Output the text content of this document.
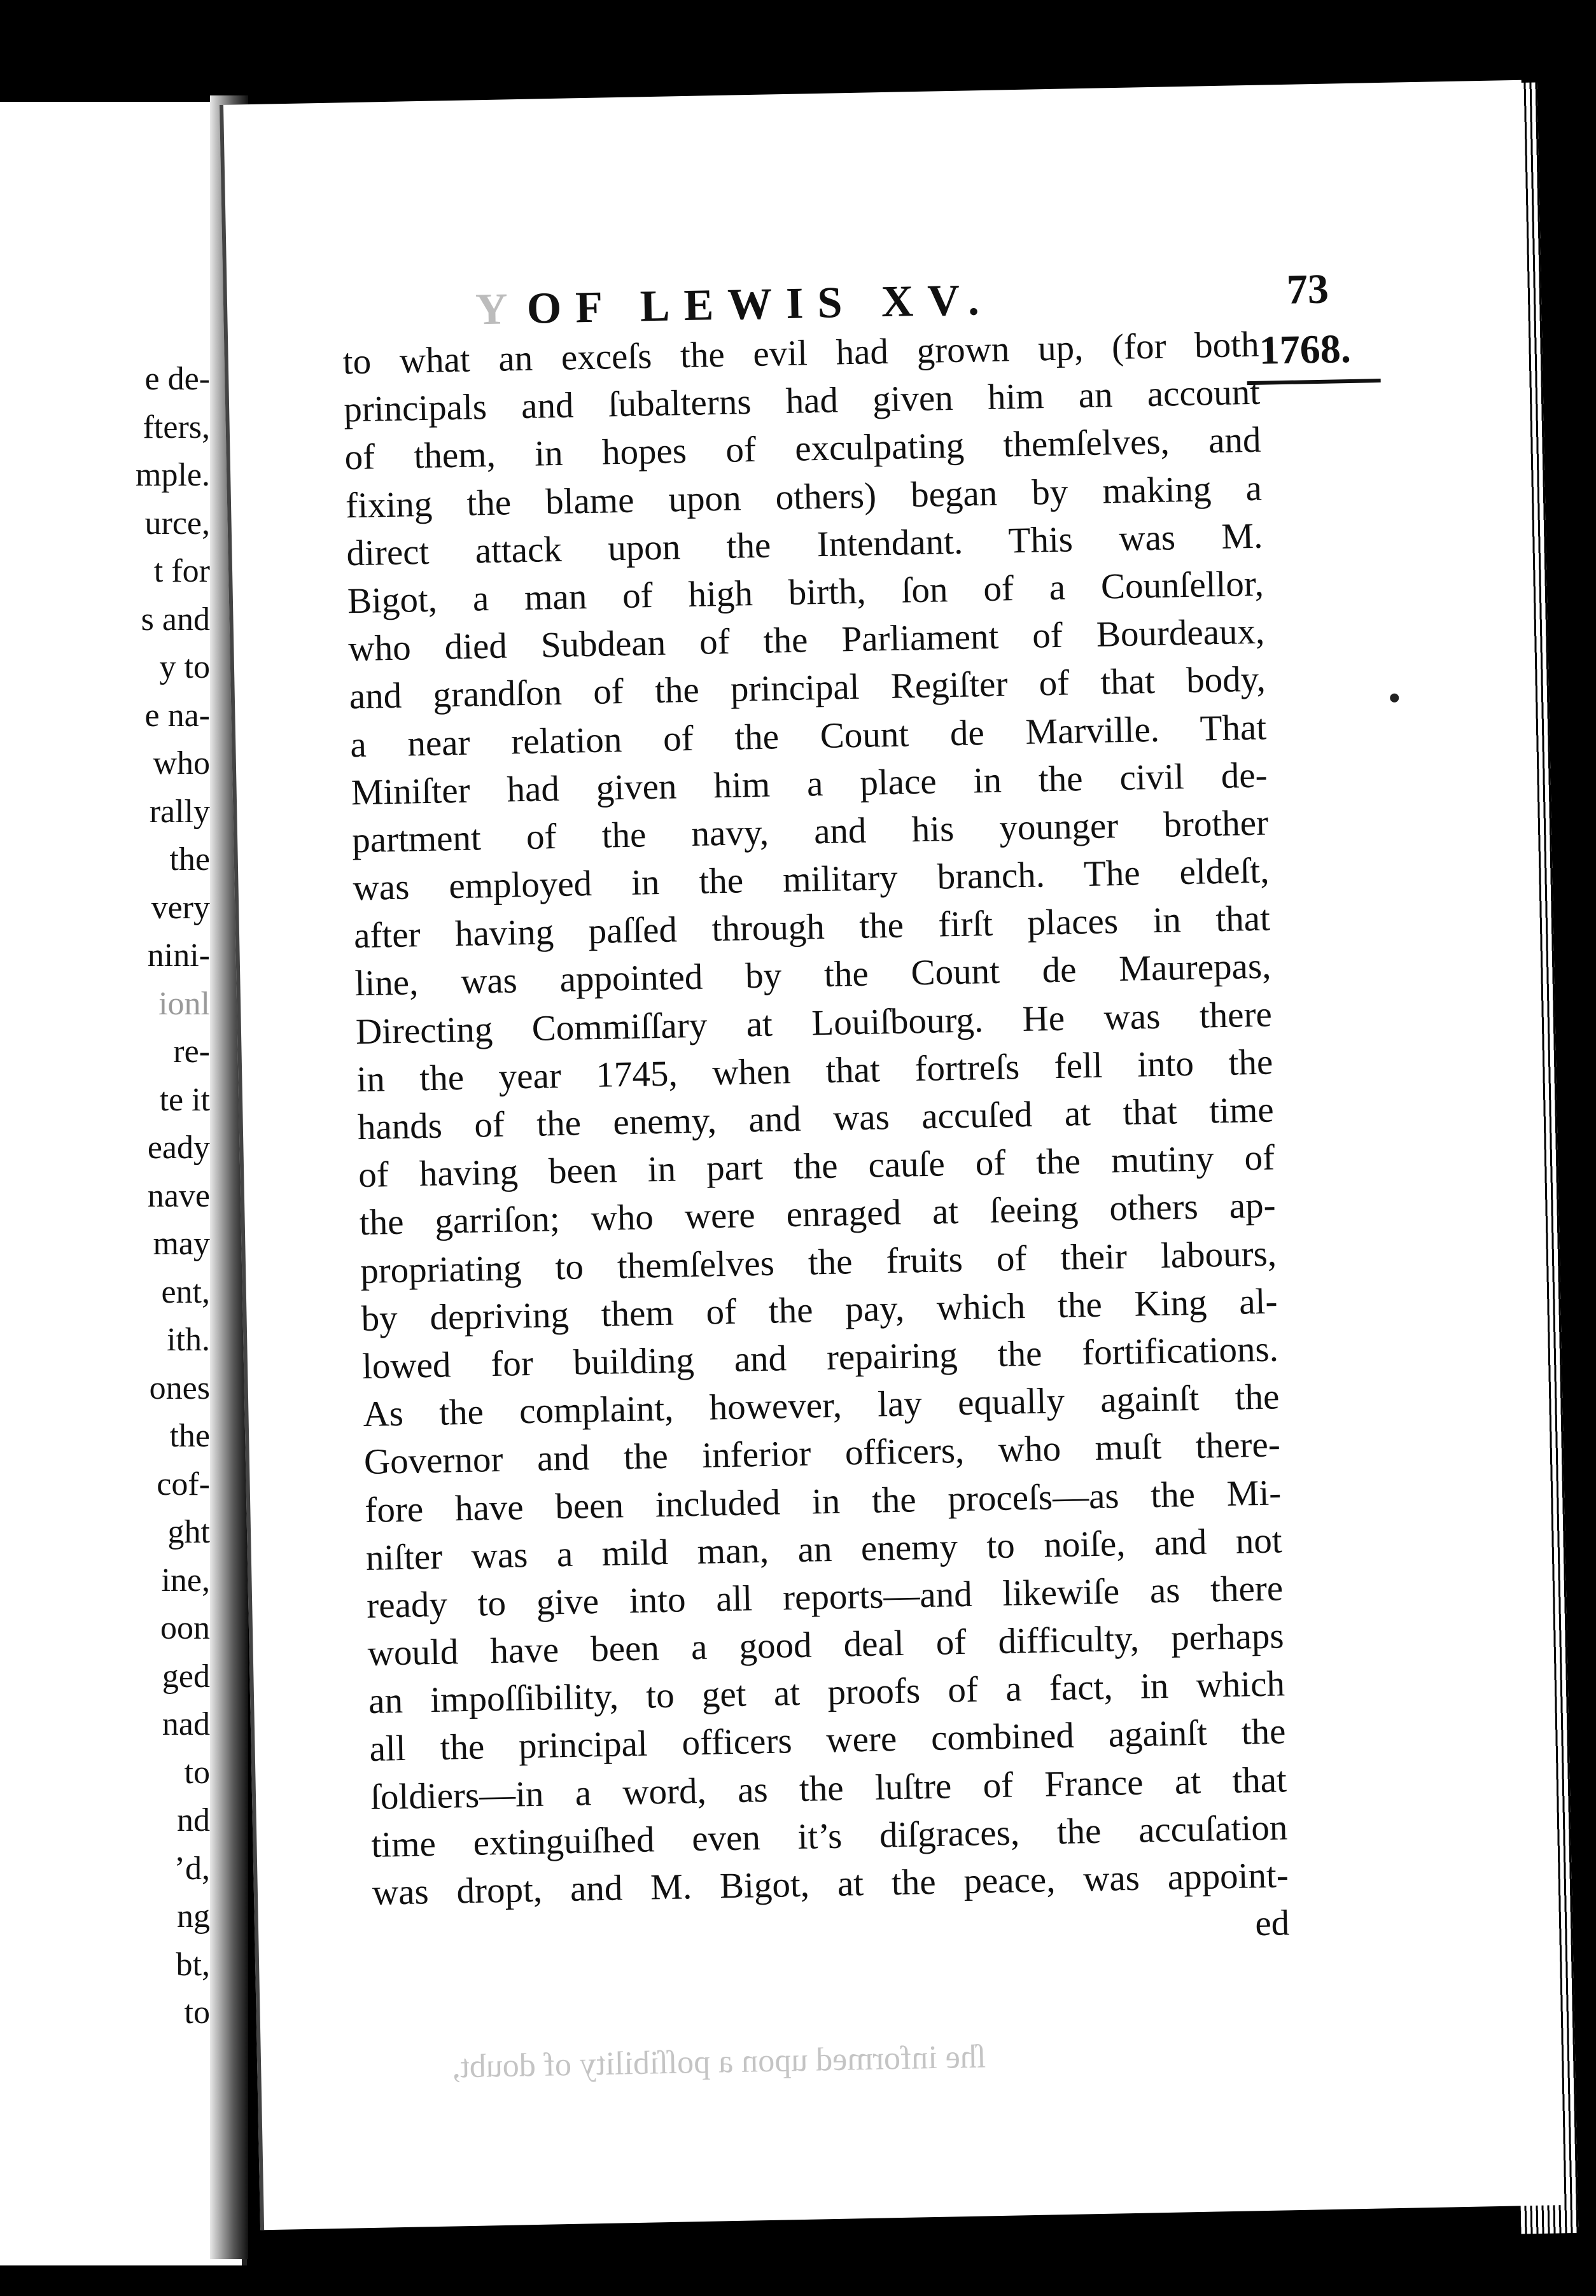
e de-
fters,
mple.
urce,
t for
s and
y to
e na-
who
rally
the
very
nini-
ionl
re-
te it
eady
nave
may
ent,
ith.
ones
the
cof-
ght
ine,
oon
ged
nad
to
nd
’d,
ng
bt,
to
Y OF LEWIS XV.	73
1768.
to what an exceſs the evil had grown up, (for both
principals and ſubalterns had given him an account
of them, in hopes of exculpating themſelves, and
fixing the blame upon others) began by making a
direct attack upon the Intendant. This was M.
Bigot, a man of high birth, ſon of a Counſellor,
who died Subdean of the Parliament of Bourdeaux,
and grandſon of the principal Regiſter of that body,
a near relation of the Count de Marville. That
Miniſter had given him a place in the civil de-
partment of the navy, and his younger brother
was employed in the military branch. The eldeſt,
after having paſſed through the firſt places in that
line, was appointed by the Count de Maurepas,
Directing Commiſſary at Louiſbourg. He was there
in the year 1745, when that fortreſs fell into the
hands of the enemy, and was accuſed at that time
of having been in part the cauſe of the mutiny of
the garriſon; who were enraged at ſeeing others ap-
propriating to themſelves the fruits of their labours,
by depriving them of the pay, which the King al-
lowed for building and repairing the fortifications.
As the complaint, however, lay equally againſt the
Governor and the inferior officers, who muſt there-
fore have been included in the proceſs—as the Mi-
niſter was a mild man, an enemy to noiſe, and not
ready to give into all reports—and likewiſe as there
would have been a good deal of difficulty, perhaps
an impoſſibility, to get at proofs of a fact, in which
all the principal officers were combined againſt the
ſoldiers—in a word, as the luſtre of France at that
time extinguiſhed even it’s diſgraces, the accuſation
was dropt, and M. Bigot, at the peace, was appoint-
ed
ſhe informed upon a poſſibility of doubt,
